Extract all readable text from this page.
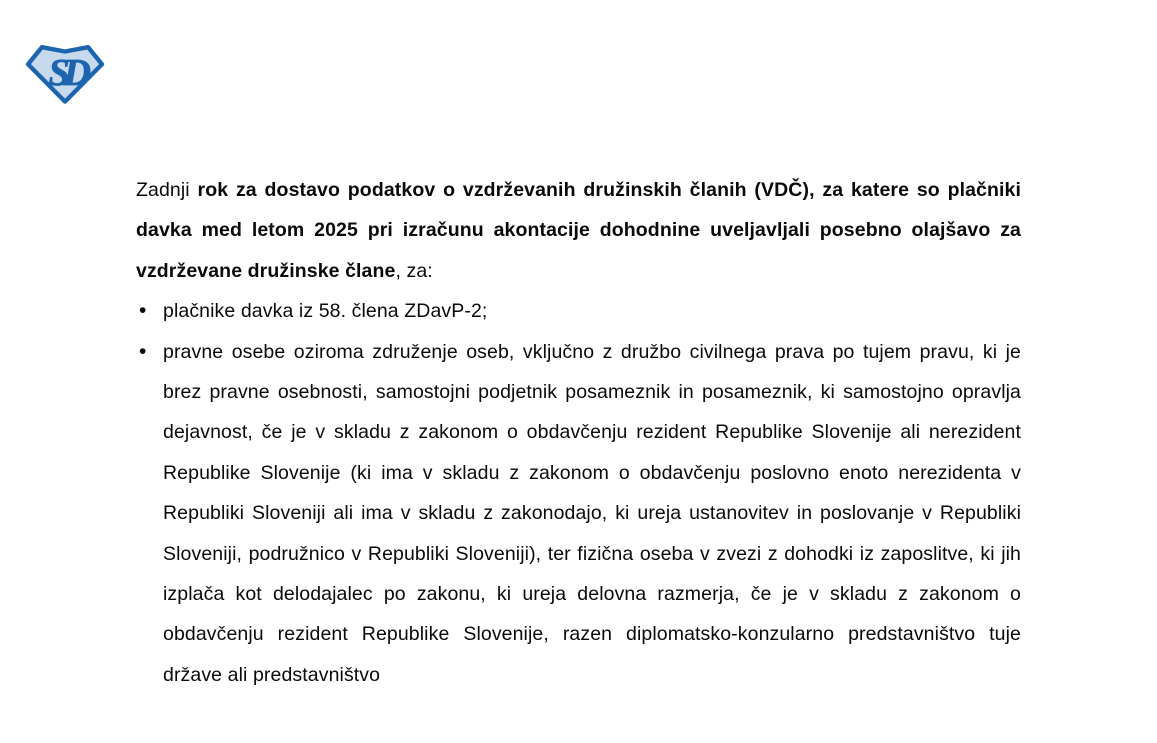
SD

Zadnji rok za dostavo podatkov o vzdrževanih družinskih članih (VDČ), za katere so plačniki davka med letom 2025 pri izračunu akontacije dohodnine uveljavljali posebno olajšavo za vzdrževane družinske člane, za:

• plačnike davka iz 58. člena ZDavP-2;
• pravne osebe oziroma združenje oseb, vključno z družbo civilnega prava po tujem pravu, ki je brez pravne osebnosti, samostojni podjetnik posameznik in posameznik, ki samostojno opravlja dejavnost, če je v skladu z zakonom o obdavčenju rezident Republike Slovenije ali nerezident Republike Slovenije (ki ima v skladu z zakonom o obdavčenju poslovno enoto nerezidenta v Republiki Sloveniji ali ima v skladu z zakonodajo, ki ureja ustanovitev in poslovanje v Republiki Sloveniji, podružnico v Republiki Sloveniji), ter fizična oseba v zvezi z dohodki iz zaposlitve, ki jih izplača kot delodajalec po zakonu, ki ureja delovna razmerja, če je v skladu z zakonom o obdavčenju rezident Republike Slovenije, razen diplomatsko-konzularno predstavništvo tuje države ali predstavništvo
